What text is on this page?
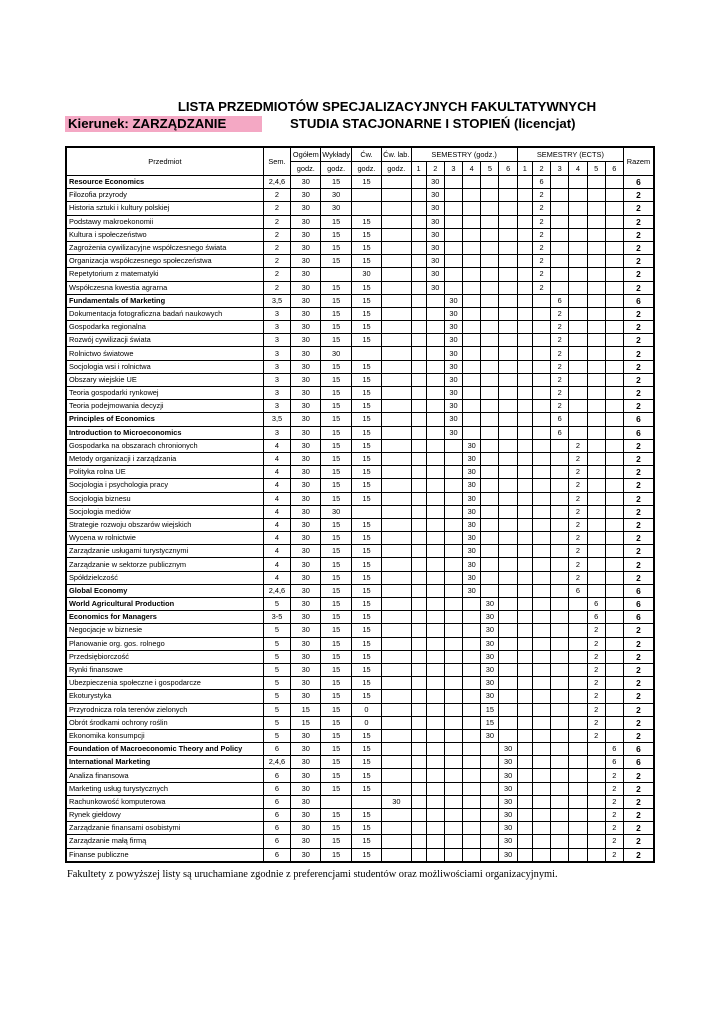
LISTA PRZEDMIOTÓW SPECJALIZACYJNYCH FAKULTATYWNYCH
Kierunek: ZARZĄDZANIE	STUDIA STACJONARNE I STOPIEŃ (licencjat)
Przedmiot	Sem.	Ogółem	Wykłady	Ćw.	Ćw. lab.	SEMESTRY (godz.)						SEMESTRY (ECTS)						Razem
		godz.	godz.	godz.	godz.	1	2	3	4	5	6	1	2	3	4	5	6	
Resource Economics	2,4,6	30	15	15			30						6					6
Filozofia przyrody	2	30	30				30						2					2
Historia sztuki i kultury polskiej	2	30	30				30						2					2
Podstawy makroekonomii	2	30	15	15			30						2					2
Kultura i społeczeństwo	2	30	15	15			30						2					2
Zagrożenia cywilizacyjne współczesnego świata	2	30	15	15			30						2					2
Organizacja współczesnego społeczeństwa	2	30	15	15			30						2					2
Repetytorium z matematyki	2	30		30			30						2					2
Współczesna kwestia agrarna	2	30	15	15			30						2					2
Fundamentals of Marketing	3,5	30	15	15				30						6				6
Dokumentacja fotograficzna badań naukowych	3	30	15	15				30						2				2
Gospodarka regionalna	3	30	15	15				30						2				2
Rozwój cywilizacji świata	3	30	15	15				30						2				2
Rolnictwo światowe	3	30	30					30						2				2
Socjologia wsi i rolnictwa	3	30	15	15				30						2				2
Obszary wiejskie UE	3	30	15	15				30						2				2
Teoria gospodarki rynkowej	3	30	15	15				30						2				2
Teoria podejmowania decyzji	3	30	15	15				30						2				2
Principles of Economics	3,5	30	15	15				30						6				6
Introduction to Microeconomics	3	30	15	15				30						6				6
Gospodarka na obszarach chronionych	4	30	15	15					30						2			2
Metody organizacji i zarządzania	4	30	15	15					30						2			2
Polityka rolna UE	4	30	15	15					30						2			2
Socjologia i psychologia pracy	4	30	15	15					30						2			2
Socjologia biznesu	4	30	15	15					30						2			2
Socjologia mediów	4	30	30						30						2			2
Strategie rozwoju obszarów wiejskich	4	30	15	15					30						2			2
Wycena w rolnictwie	4	30	15	15					30						2			2
Zarządzanie usługami turystycznymi	4	30	15	15					30						2			2
Zarządzanie w sektorze publicznym	4	30	15	15					30						2			2
Spółdzielczość	4	30	15	15					30						2			2
Global Economy	2,4,6	30	15	15					30						6			6
World Agricultural Production	5	30	15	15						30						6		6
Economics for Managers	3-5	30	15	15						30						6		6
Negocjacje w biznesie	5	30	15	15						30						2		2
Planowanie org. gos. rolnego	5	30	15	15						30						2		2
Przedsiębiorczość	5	30	15	15						30						2		2
Rynki finansowe	5	30	15	15						30						2		2
Ubezpieczenia społeczne i gospodarcze	5	30	15	15						30						2		2
Ekoturystyka	5	30	15	15						30						2		2
Przyrodnicza rola terenów zielonych	5	15	15	0						15						2		2
Obrót środkami ochrony roślin	5	15	15	0						15						2		2
Ekonomika konsumpcji	5	30	15	15						30						2		2
Foundation of Macroeconomic Theory and Policy	6	30	15	15							30						6	6
International Marketing	2,4,6	30	15	15							30						6	6
Analiza finansowa	6	30	15	15							30						2	2
Marketing usług turystycznych	6	30	15	15							30						2	2
Rachunkowość komputerowa	6	30			30						30						2	2
Rynek giełdowy	6	30	15	15							30						2	2
Zarządzanie finansami osobistymi	6	30	15	15							30						2	2
Zarządzanie małą firmą	6	30	15	15							30						2	2
Finanse publiczne	6	30	15	15							30						2	2
Fakultety z powyższej listy są uruchamiane zgodnie z preferencjami studentów oraz możliwościami organizacyjnymi.
